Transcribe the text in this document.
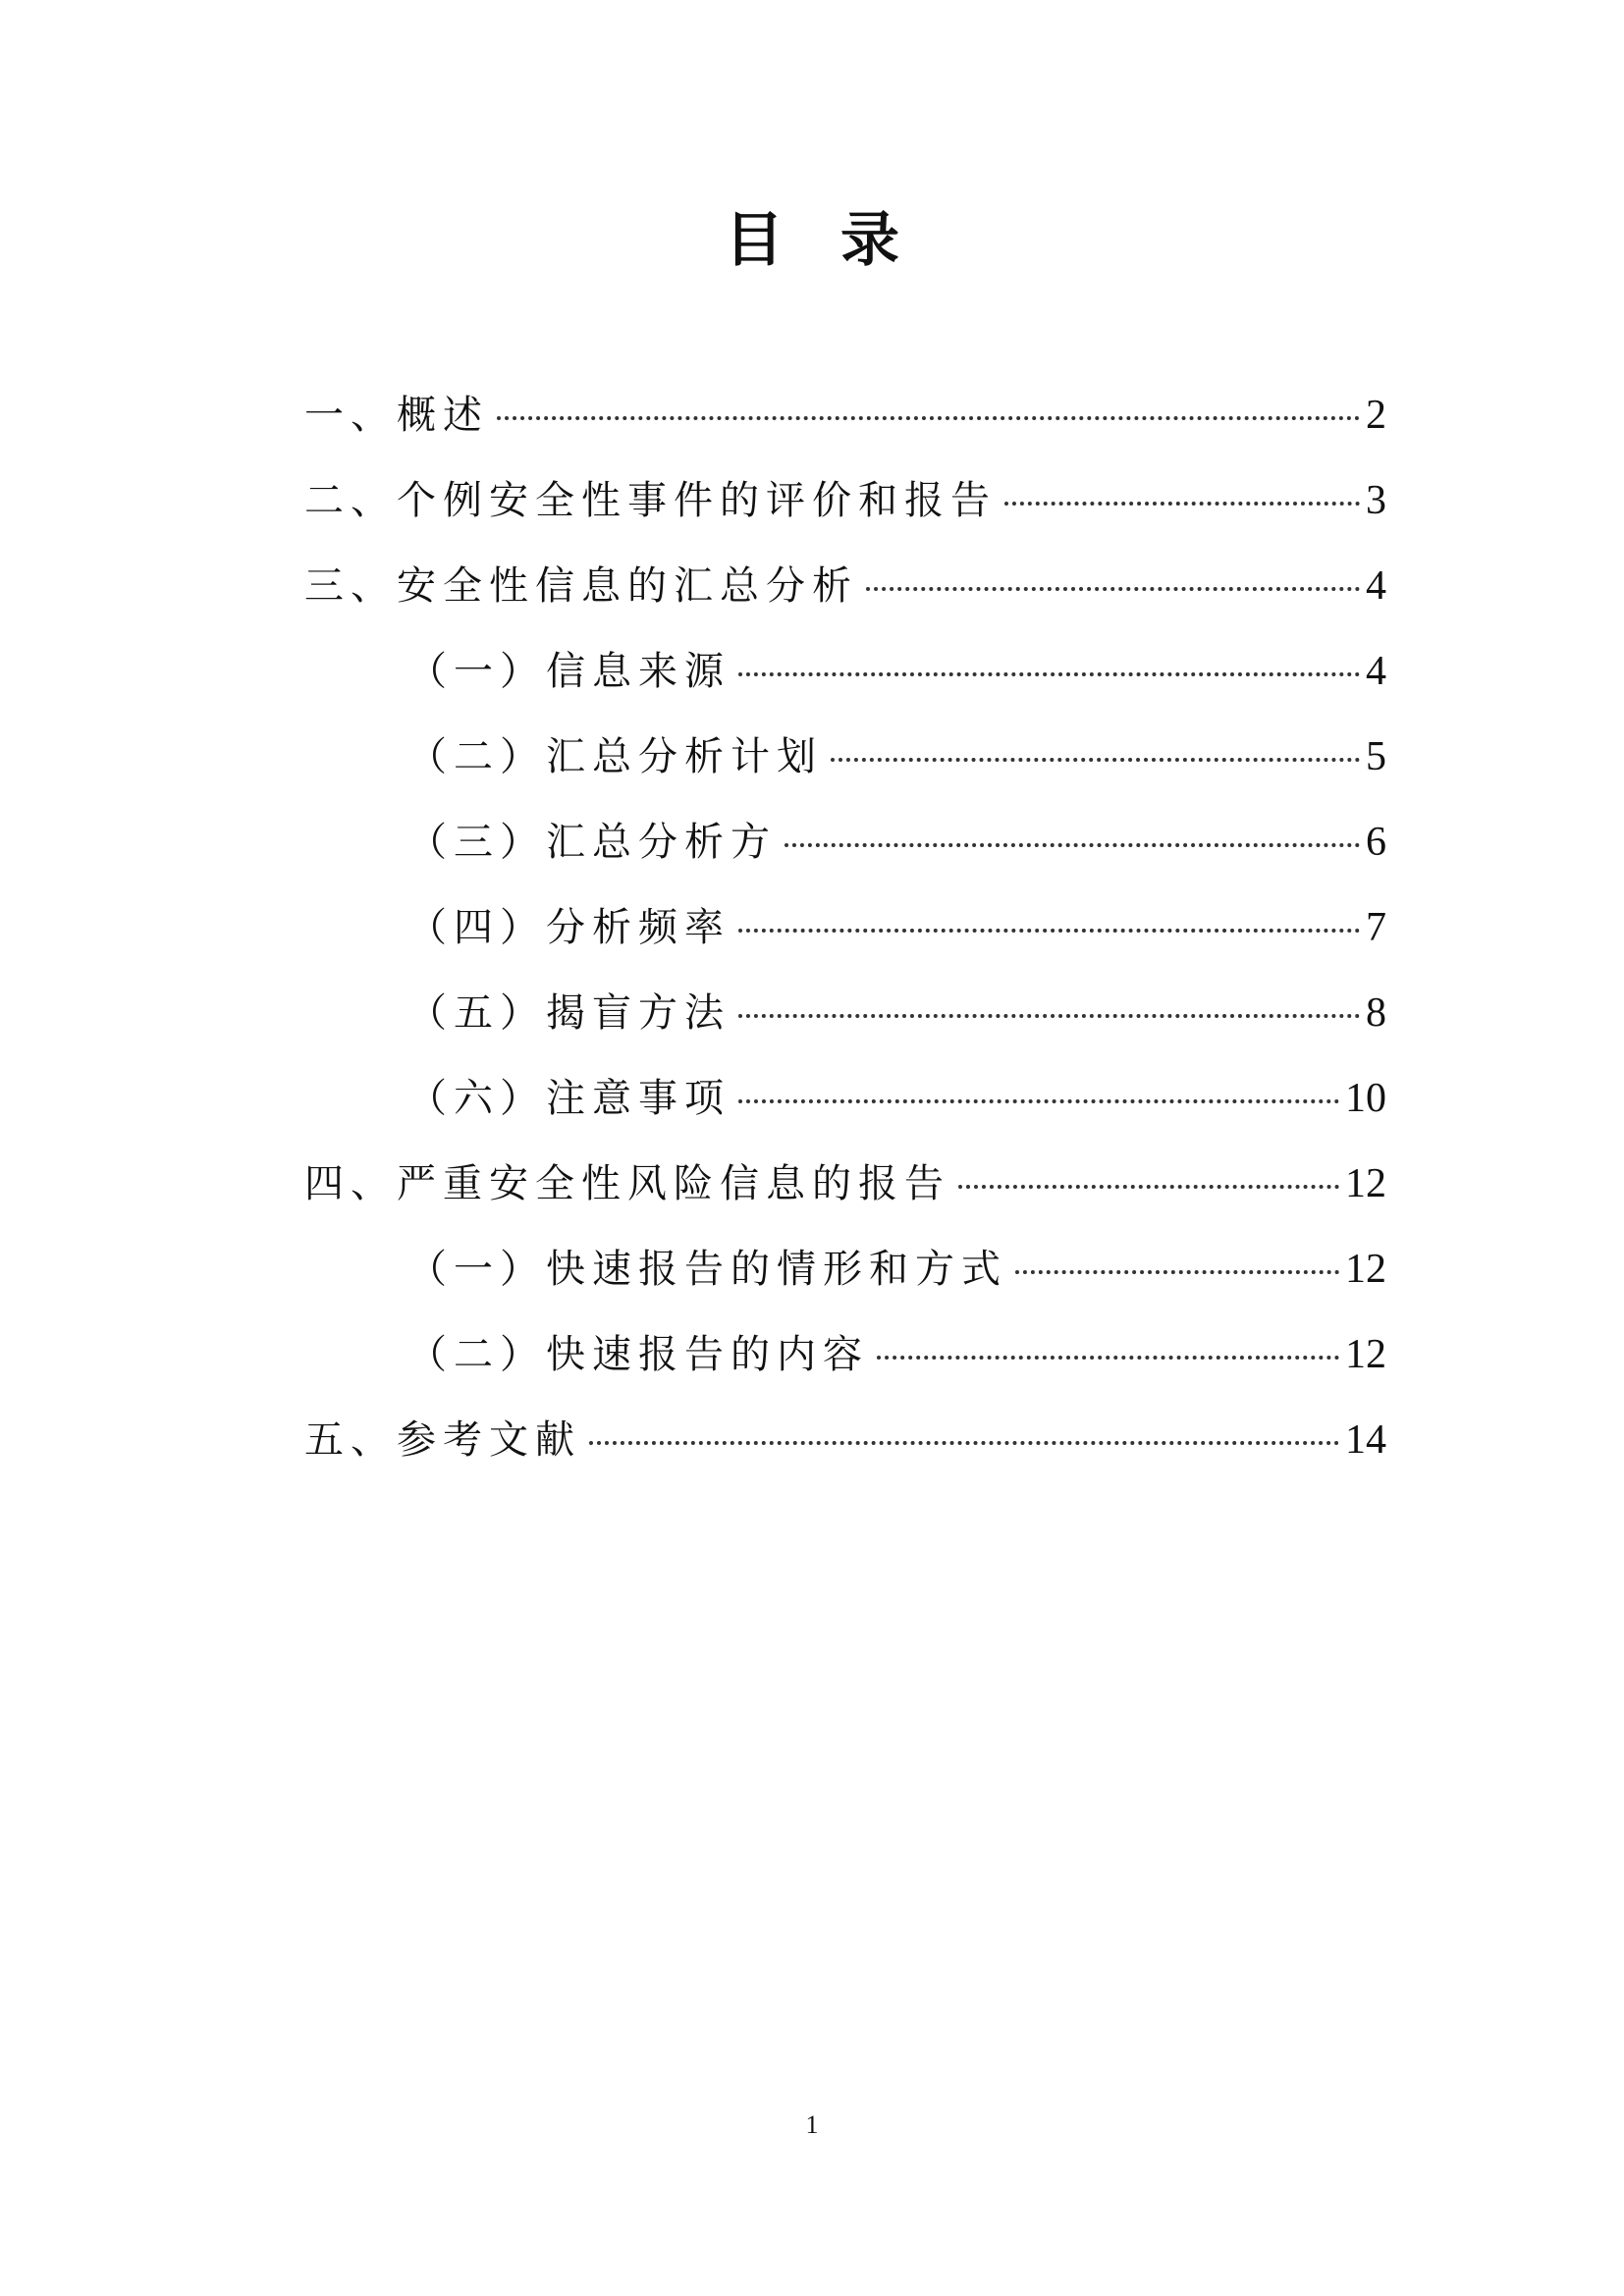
目录
一、概述	2
二、个例安全性事件的评价和报告	3
三、安全性信息的汇总分析	4
（一）信息来源	4
（二）汇总分析计划	5
（三）汇总分析方	6
（四）分析频率	7
（五）揭盲方法	8
（六）注意事项	10
四、严重安全性风险信息的报告	12
（一）快速报告的情形和方式	12
（二）快速报告的内容	12
五、参考文献	14
1
